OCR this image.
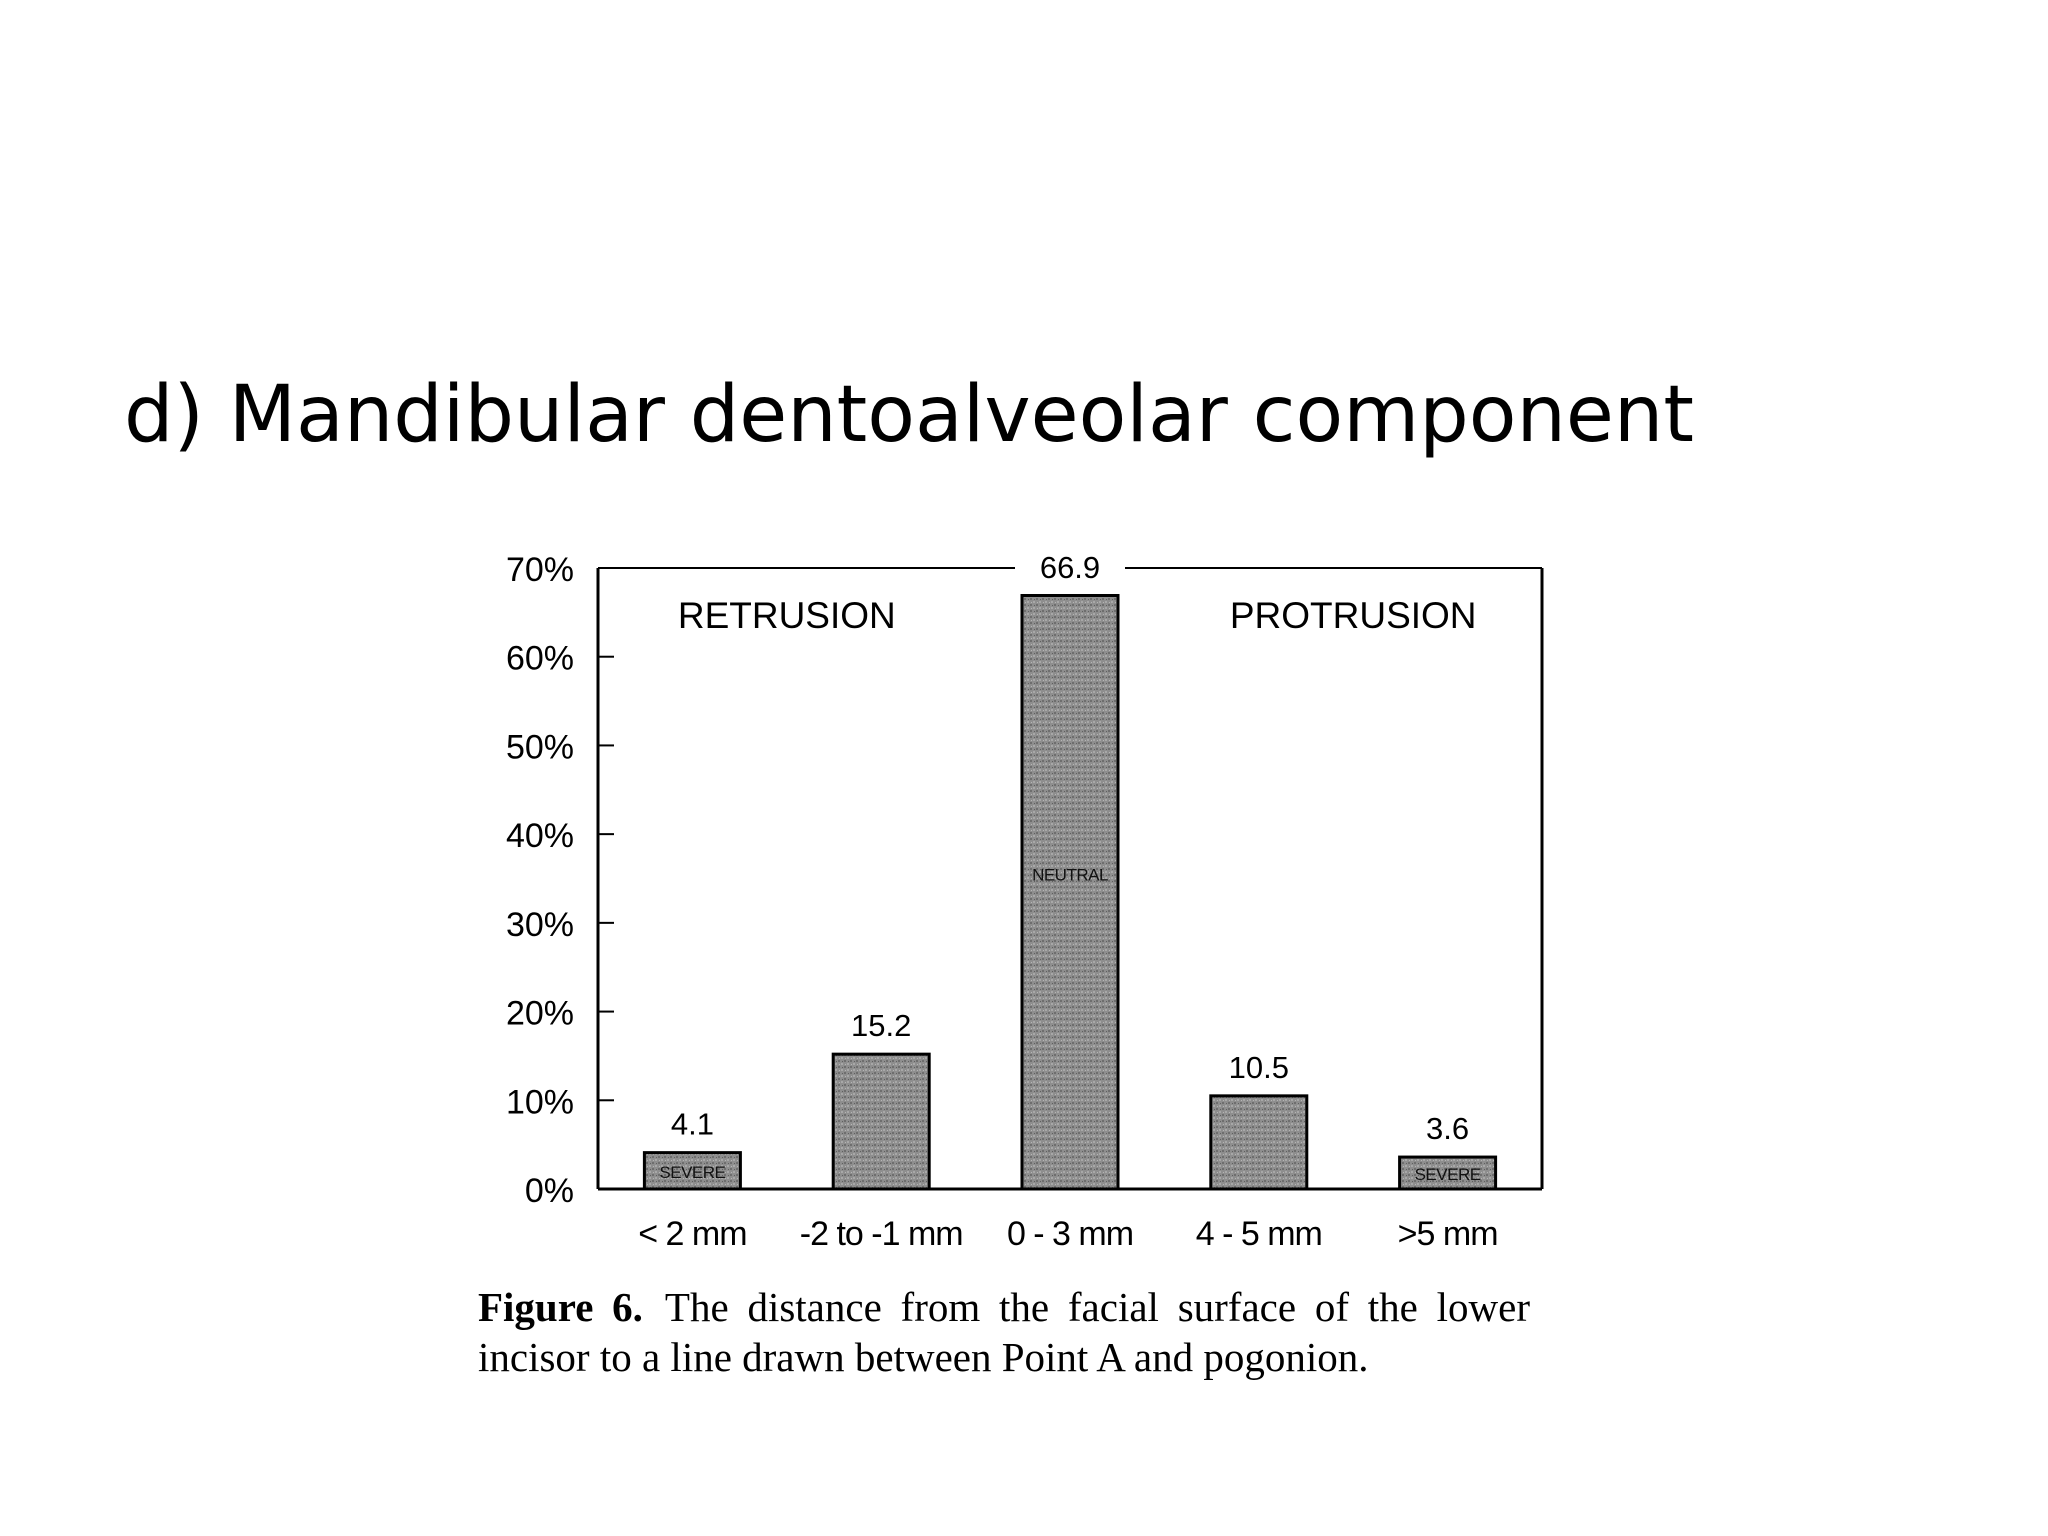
d) Mandibular dentoalveolar component
0%
10%
20%
30%
40%
50%
60%
70%
4.1
< 2 mm
SEVERE
15.2
-2 to -1 mm
66.9
0 - 3 mm
NEUTRAL
10.5
4 - 5 mm
3.6
>5 mm
SEVERE
RETRUSION	PROTRUSION

Figure 6. The distance from the facial surface of the lower incisor to a line drawn between Point A and pogonion.
